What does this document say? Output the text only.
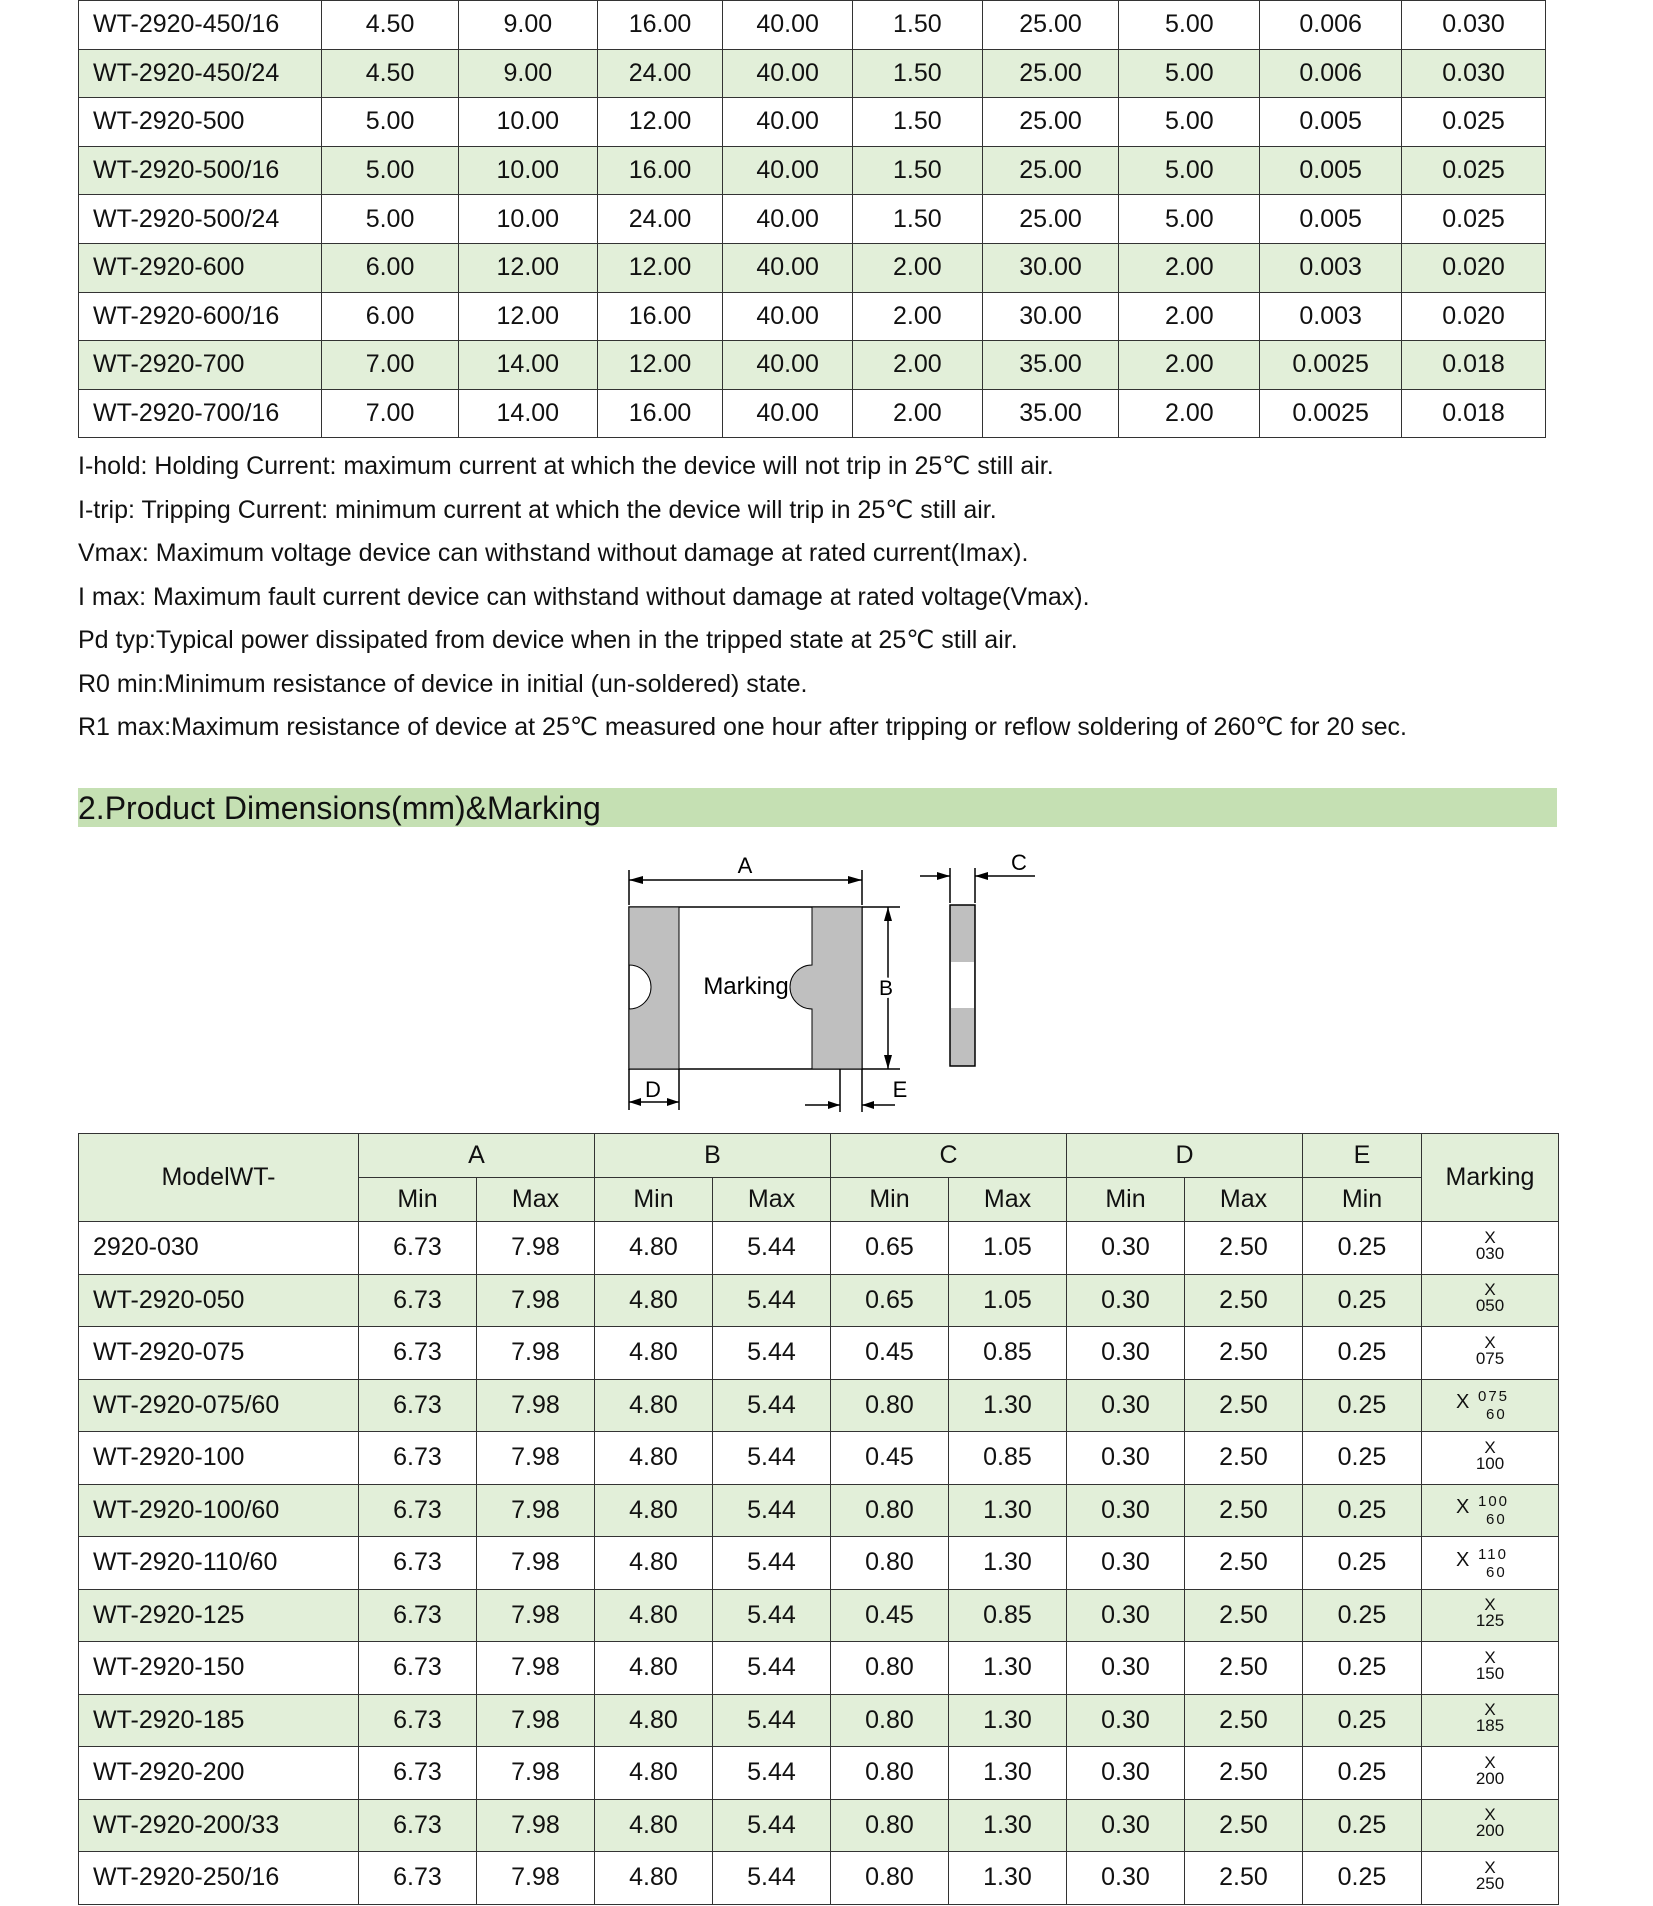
WT-2920-450/16	4.50	9.00	16.00	40.00	1.50	25.00	5.00	0.006	0.030
WT-2920-450/24	4.50	9.00	24.00	40.00	1.50	25.00	5.00	0.006	0.030
WT-2920-500	5.00	10.00	12.00	40.00	1.50	25.00	5.00	0.005	0.025
WT-2920-500/16	5.00	10.00	16.00	40.00	1.50	25.00	5.00	0.005	0.025
WT-2920-500/24	5.00	10.00	24.00	40.00	1.50	25.00	5.00	0.005	0.025
WT-2920-600	6.00	12.00	12.00	40.00	2.00	30.00	2.00	0.003	0.020
WT-2920-600/16	6.00	12.00	16.00	40.00	2.00	30.00	2.00	0.003	0.020
WT-2920-700	7.00	14.00	12.00	40.00	2.00	35.00	2.00	0.0025	0.018
WT-2920-700/16	7.00	14.00	16.00	40.00	2.00	35.00	2.00	0.0025	0.018
I-hold: Holding Current: maximum current at which the device will not trip in 25℃ still air.
I-trip: Tripping Current: minimum current at which the device will trip in 25℃ still air.
Vmax: Maximum voltage device can withstand without damage at rated current(Imax).
I max: Maximum fault current device can withstand without damage at rated voltage(Vmax).
Pd typ:Typical power dissipated from device when in the tripped state at 25℃ still air.
R0 min:Minimum resistance of device in initial (un-soldered) state.
R1 max:Maximum resistance of device at 25℃ measured one hour after tripping or reflow soldering of 260℃ for 20 sec.
2.Product Dimensions(mm)&Marking
A
Marking	B
C
D	E
ModelWT-	A		B		C		D		E	Marking
	Min	Max	Min	Max	Min	Max	Min	Max	Min	
2920-030	6.73	7.98	4.80	5.44	0.65	1.05	0.30	2.50	0.25	X
030

WT-2920-050	6.73	7.98	4.80	5.44	0.65	1.05	0.30	2.50	0.25	X
050

WT-2920-075	6.73	7.98	4.80	5.44	0.45	0.85	0.30	2.50	0.25	X
075

WT-2920-075/60	6.73	7.98	4.80	5.44	0.80	1.30	0.30	2.50	0.25	X 075
60

WT-2920-100	6.73	7.98	4.80	5.44	0.45	0.85	0.30	2.50	0.25	X
100

WT-2920-100/60	6.73	7.98	4.80	5.44	0.80	1.30	0.30	2.50	0.25	X 100
60

WT-2920-110/60	6.73	7.98	4.80	5.44	0.80	1.30	0.30	2.50	0.25	X 110
60

WT-2920-125	6.73	7.98	4.80	5.44	0.45	0.85	0.30	2.50	0.25	X
125

WT-2920-150	6.73	7.98	4.80	5.44	0.80	1.30	0.30	2.50	0.25	X
150

WT-2920-185	6.73	7.98	4.80	5.44	0.80	1.30	0.30	2.50	0.25	X
185

WT-2920-200	6.73	7.98	4.80	5.44	0.80	1.30	0.30	2.50	0.25	X
200

WT-2920-200/33	6.73	7.98	4.80	5.44	0.80	1.30	0.30	2.50	0.25	X
200

WT-2920-250/16	6.73	7.98	4.80	5.44	0.80	1.30	0.30	2.50	0.25	X
250
